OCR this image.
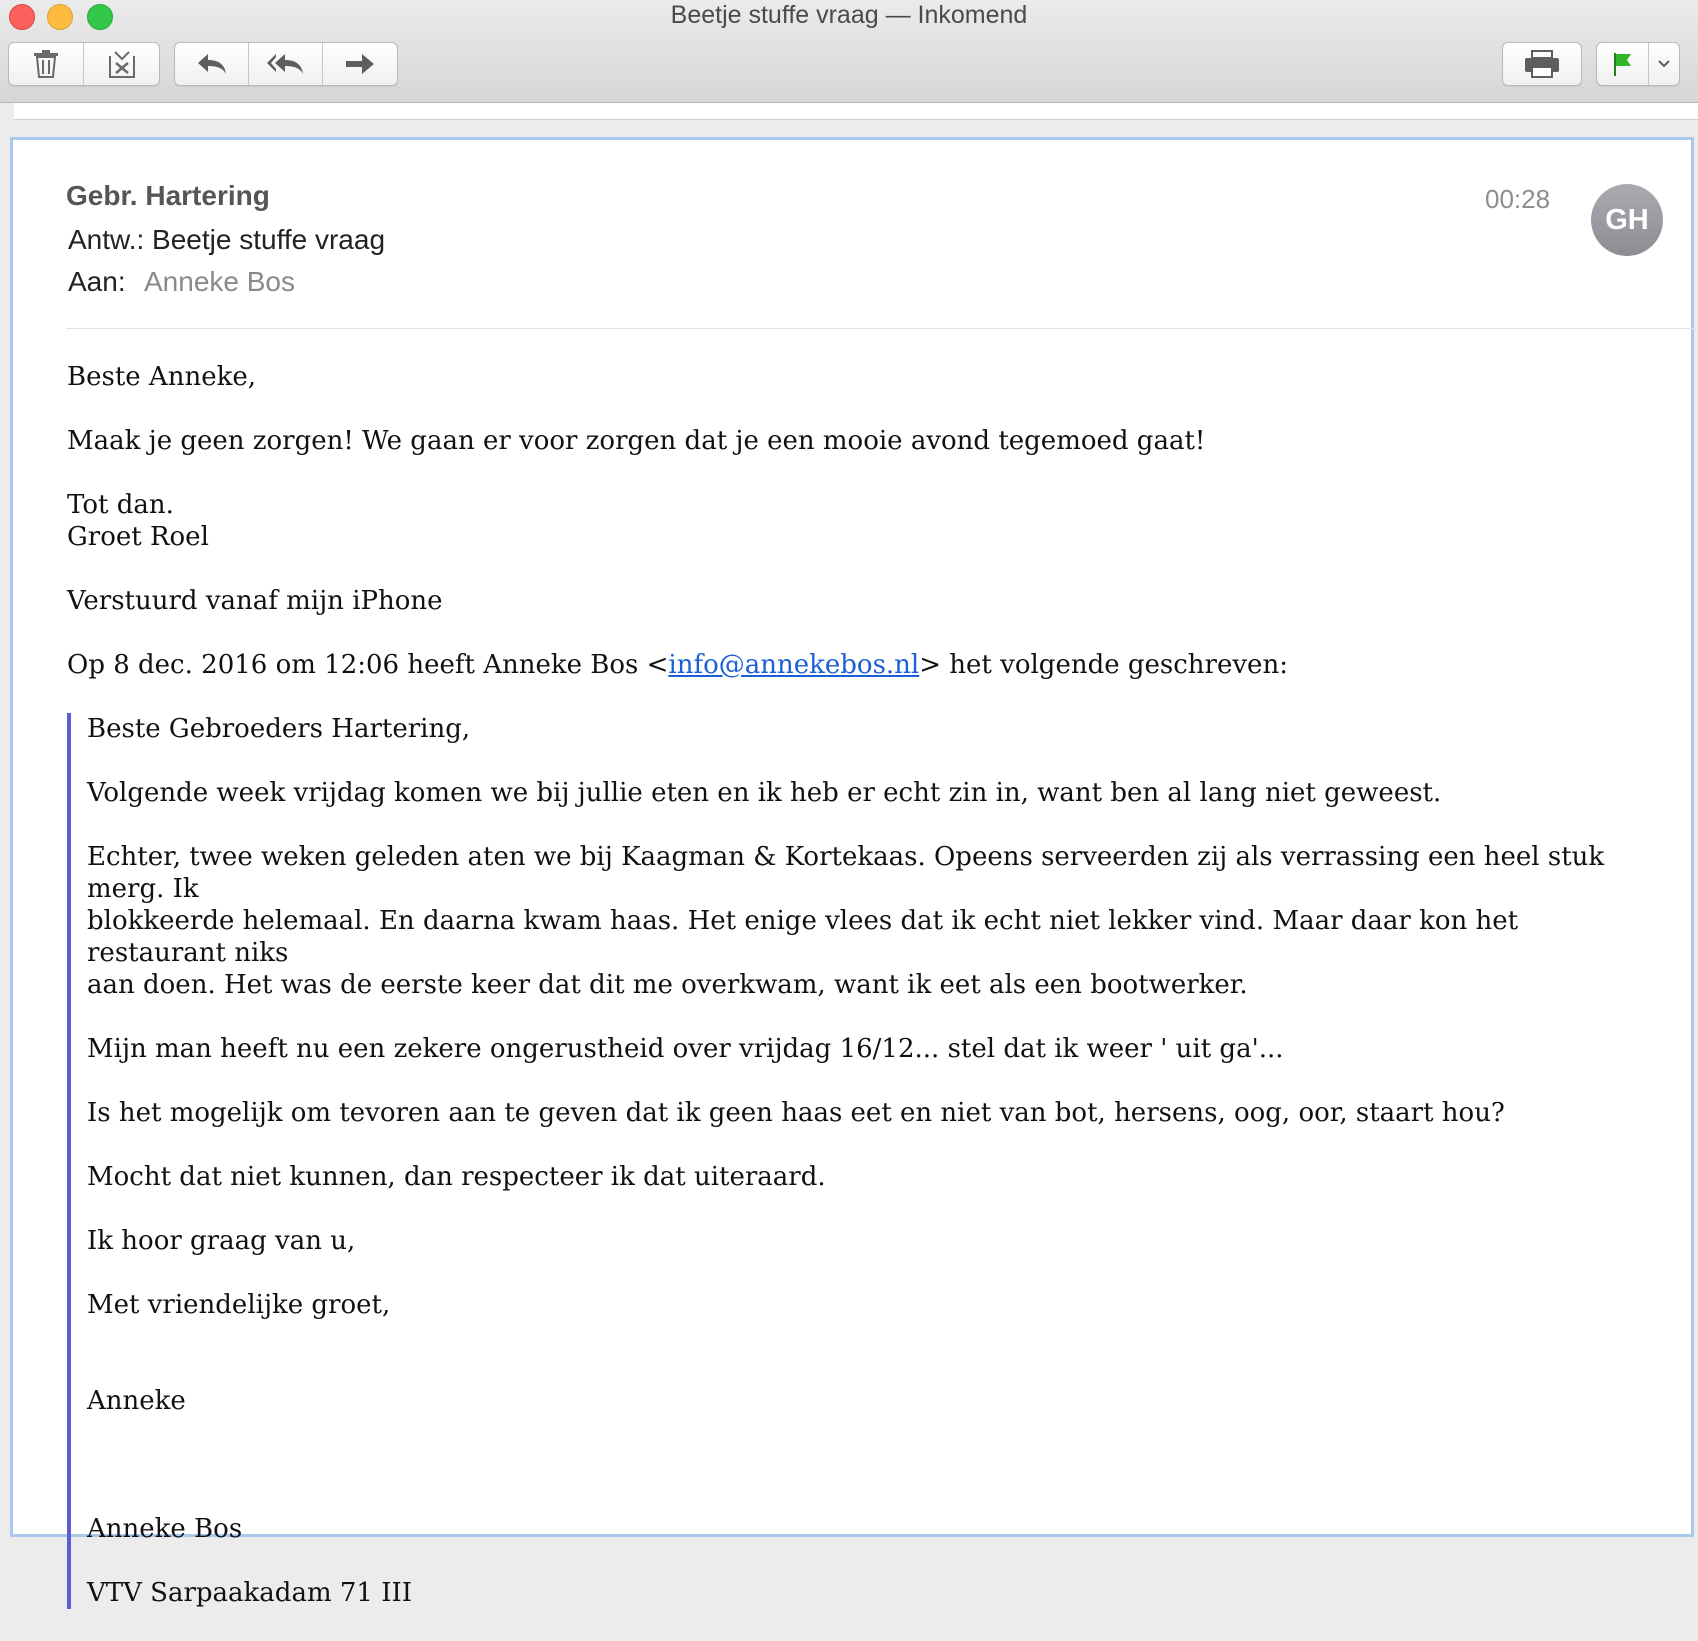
Beetje stuffe vraag — Inkomend
Gebr. Hartering
Antw.: Beetje stuffe vraag
Aan: Anneke Bos
00:28
GH

Beste Anneke,

Maak je geen zorgen! We gaan er voor zorgen dat je een mooie avond tegemoed gaat!

Tot dan.

Groet Roel

Verstuurd vanaf mijn iPhone

Op 8 dec. 2016 om 12:06 heeft Anneke Bos <info@annekebos.nl> het volgende geschreven:

Beste Gebroeders Hartering,

Volgende week vrijdag komen we bij jullie eten en ik heb er echt zin in, want ben al lang niet geweest.

Echter, twee weken geleden aten we bij Kaagman & Kortekaas. Opeens serveerden zij als verrassing een heel stuk merg. Ik
blokkeerde helemaal. En daarna kwam haas. Het enige vlees dat ik echt niet lekker vind. Maar daar kon het restaurant niks
aan doen. Het was de eerste keer dat dit me overkwam, want ik eet als een bootwerker.

Mijn man heeft nu een zekere ongerustheid over vrijdag 16/12... stel dat ik weer ' uit ga'...

Is het mogelijk om tevoren aan te geven dat ik geen haas eet en niet van bot, hersens, oog, oor, staart hou?

Mocht dat niet kunnen, dan respecteer ik dat uiteraard.

Ik hoor graag van u,

Met vriendelijke groet,

Anneke

Anneke Bos

VTV Sarpaakadam 71 III
